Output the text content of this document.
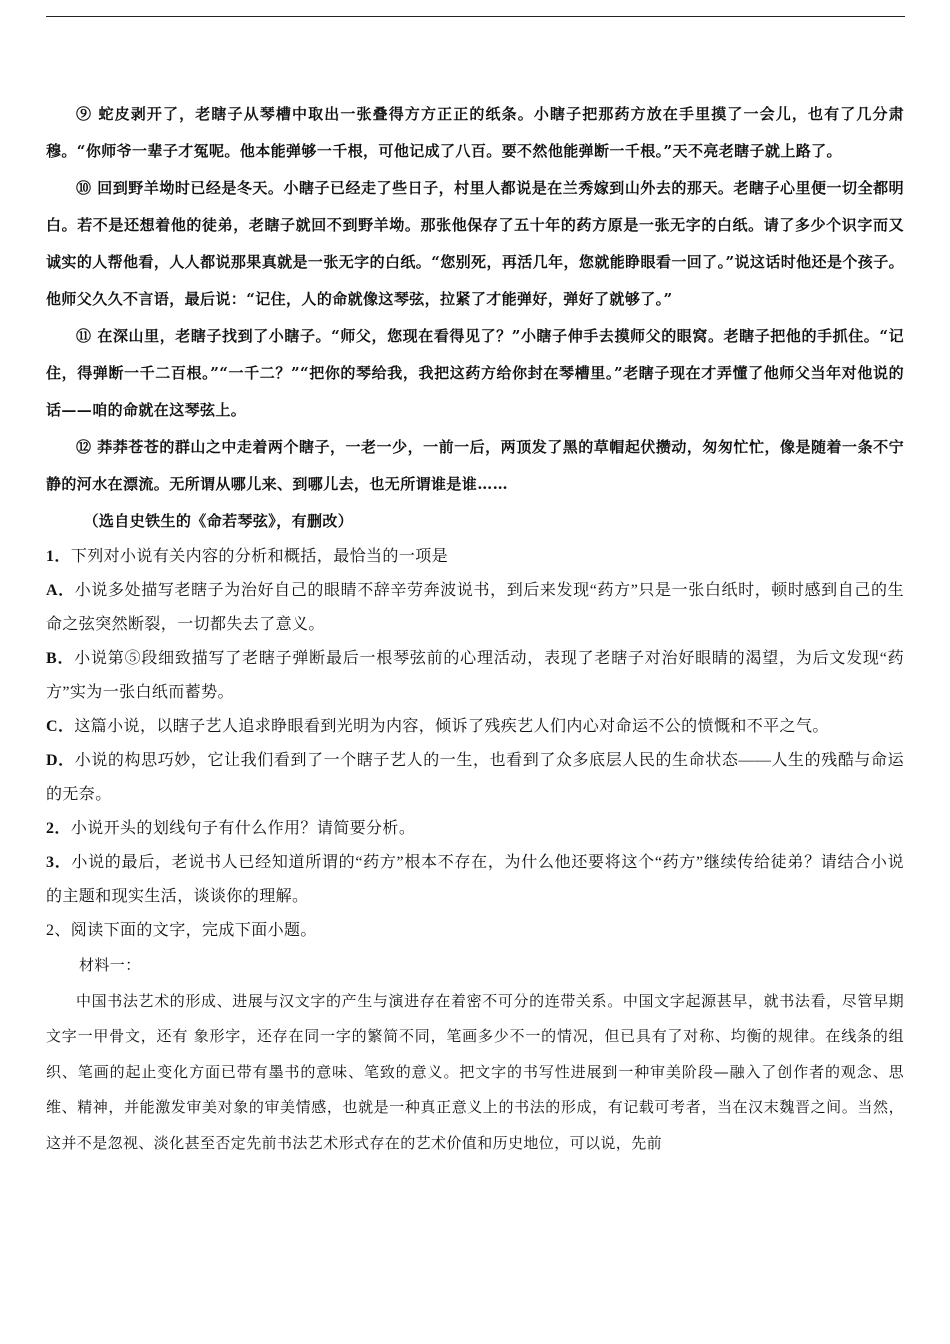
⑨ 蛇皮剥开了，老瞎子从琴槽中取出一张叠得方方正正的纸条。小瞎子把那药方放在手里摸了一会儿，也有了几分肃穆。“你师爷一辈子才冤呢。他本能弹够一千根，可他记成了八百。要不然他能弹断一千根。”天不亮老瞎子就上路了。

⑩ 回到野羊坳时已经是冬天。小瞎子已经走了些日子，村里人都说是在兰秀嫁到山外去的那天。老瞎子心里便一切全都明白。若不是还想着他的徒弟，老瞎子就回不到野羊坳。那张他保存了五十年的药方原是一张无字的白纸。请了多少个识字而又诚实的人帮他看，人人都说那果真就是一张无字的白纸。“您别死，再活几年，您就能睁眼看一回了。”说这话时他还是个孩子。他师父久久不言语，最后说：“记住，人的命就像这琴弦，拉紧了才能弹好，弹好了就够了。”

⑪ 在深山里，老瞎子找到了小瞎子。“师父，您现在看得见了？”小瞎子伸手去摸师父的眼窝。老瞎子把他的手抓住。“记住，得弹断一千二百根。”“一千二？”“把你的琴给我，我把这药方给你封在琴槽里。”老瞎子现在才弄懂了他师父当年对他说的话——咱的命就在这琴弦上。

⑫ 莽莽苍苍的群山之中走着两个瞎子，一老一少，一前一后，两顶发了黑的草帽起伏攒动，匆匆忙忙，像是随着一条不宁静的河水在漂流。无所谓从哪儿来、到哪儿去，也无所谓谁是谁……

（选自史铁生的《命若琴弦》，有删改）

1．下列对小说有关内容的分析和概括，最恰当的一项是

A．小说多处描写老瞎子为治好自己的眼睛不辞辛劳奔波说书，到后来发现“药方”只是一张白纸时，顿时感到自己的生命之弦突然断裂，一切都失去了意义。

B．小说第⑤段细致描写了老瞎子弹断最后一根琴弦前的心理活动，表现了老瞎子对治好眼睛的渴望，为后文发现“药方”实为一张白纸而蓄势。

C．这篇小说，以瞎子艺人追求睁眼看到光明为内容，倾诉了残疾艺人们内心对命运不公的愤慨和不平之气。

D．小说的构思巧妙，它让我们看到了一个瞎子艺人的一生，也看到了众多底层人民的生命状态——人生的残酷与命运的无奈。

2．小说开头的划线句子有什么作用？请简要分析。

3．小说的最后，老说书人已经知道所谓的“药方”根本不存在，为什么他还要将这个“药方”继续传给徒弟？请结合小说的主题和现实生活，谈谈你的理解。

2、阅读下面的文字，完成下面小题。

材料一：

中国书法艺术的形成、进展与汉文字的产生与演进存在着密不可分的连带关系。中国文字起源甚早，就书法看，尽管早期文字一甲骨文，还有 象形字，还存在同一字的繁简不同，笔画多少不一的情况，但已具有了对称、均衡的规律。在线条的组织、笔画的起止变化方面已带有墨书的意味、笔致的意义。把文字的书写性进展到一种审美阶段—融入了创作者的观念、思维、精神，并能激发审美对象的审美情感，也就是一种真正意义上的书法的形成，有记载可考者，当在汉末魏晋之间。当然，这并不是忽视、淡化甚至否定先前书法艺术形式存在的艺术价值和历史地位，可以说，先前
